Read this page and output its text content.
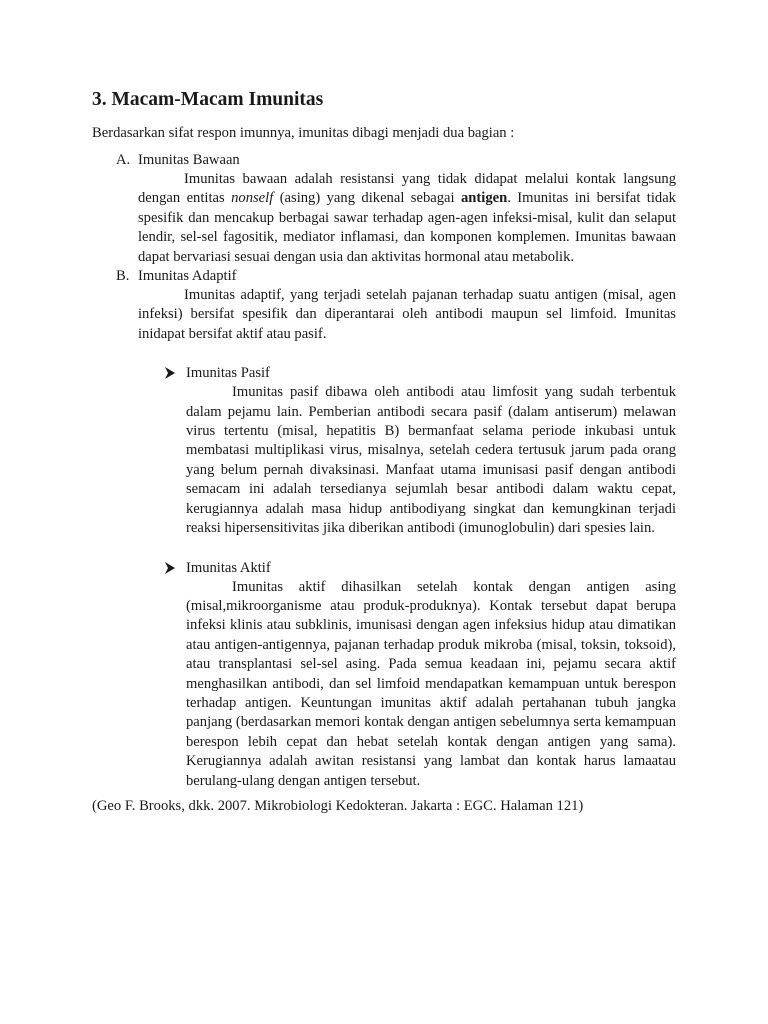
3. Macam-Macam Imunitas

Berdasarkan sifat respon imunnya, imunitas dibagi menjadi dua bagian :

A. Imunitas Bawaan

Imunitas bawaan adalah resistansi yang tidak didapat melalui kontak langsung dengan entitas nonself (asing) yang dikenal sebagai antigen. Imunitas ini bersifat tidak spesifik dan mencakup berbagai sawar terhadap agen-agen infeksi-misal, kulit dan selaput lendir, sel-sel fagositik, mediator inflamasi, dan komponen komplemen. Imunitas bawaan dapat bervariasi sesuai dengan usia dan aktivitas hormonal atau metabolik.

B. Imunitas Adaptif

Imunitas adaptif, yang terjadi setelah pajanan terhadap suatu antigen (misal, agen infeksi) bersifat spesifik dan diperantarai oleh antibodi maupun sel limfoid. Imunitas inidapat bersifat aktif atau pasif.

Imunitas Pasif

Imunitas pasif dibawa oleh antibodi atau limfosit yang sudah terbentuk dalam pejamu lain. Pemberian antibodi secara pasif (dalam antiserum) melawan virus tertentu (misal, hepatitis B) bermanfaat selama periode inkubasi untuk membatasi multiplikasi virus, misalnya, setelah cedera tertusuk jarum pada orang yang belum pernah divaksinasi. Manfaat utama imunisasi pasif dengan antibodi semacam ini adalah tersedianya sejumlah besar antibodi dalam waktu cepat, kerugiannya adalah masa hidup antibodiyang singkat dan kemungkinan terjadi reaksi hipersensitivitas jika diberikan antibodi (imunoglobulin) dari spesies lain.

Imunitas Aktif

Imunitas aktif dihasilkan setelah kontak dengan antigen asing (misal,mikroorganisme atau produk-produknya). Kontak tersebut dapat berupa infeksi klinis atau subklinis, imunisasi dengan agen infeksius hidup atau dimatikan atau antigen-antigennya, pajanan terhadap produk mikroba (misal, toksin, toksoid), atau transplantasi sel-sel asing. Pada semua keadaan ini, pejamu secara aktif menghasilkan antibodi, dan sel limfoid mendapatkan kemampuan untuk berespon terhadap antigen. Keuntungan imunitas aktif adalah pertahanan tubuh jangka panjang (berdasarkan memori kontak dengan antigen sebelumnya serta kemampuan berespon lebih cepat dan hebat setelah kontak dengan antigen yang sama). Kerugiannya adalah awitan resistansi yang lambat dan kontak harus lamaatau berulang-ulang dengan antigen tersebut.

(Geo F. Brooks, dkk. 2007. Mikrobiologi Kedokteran. Jakarta : EGC. Halaman 121)
